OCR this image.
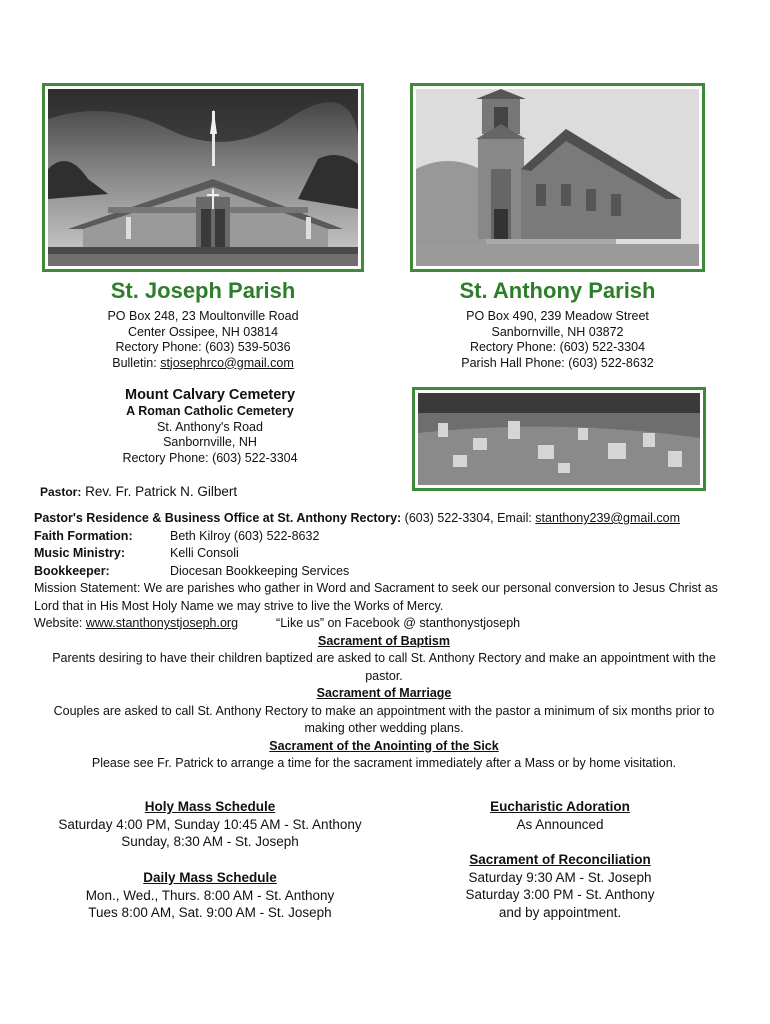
St. Joseph Parish	St. Anthony Parish
PO Box 248, 23 Moultonville Road
Center Ossipee, NH 03814
Rectory Phone: (603) 539-5036
Bulletin: stjosephrco@gmail.com
PO Box 490, 239 Meadow Street
Sanbornville, NH 03872
Rectory Phone: (603) 522-3304
Parish Hall Phone: (603) 522-8632
Mount Calvary Cemetery
A Roman Catholic Cemetery
St. Anthony's Road
Sanbornville, NH
Rectory Phone: (603) 522-3304
Pastor: Rev. Fr. Patrick N. Gilbert
Pastor's Residence & Business Office at St. Anthony Rectory: (603) 522-3304, Email: stanthony239@gmail.com
Faith Formation:	Beth Kilroy (603) 522-8632
Music Ministry:	Kelli Consoli
Bookkeeper:	Diocesan Bookkeeping Services
Mission Statement: We are parishes who gather in Word and Sacrament to seek our personal conversion to Jesus Christ as Lord that in His Most Holy Name we may strive to live the Works of Mercy.
Website: www.stanthonystjoseph.org	“Like us” on Facebook @ stanthonystjoseph
Sacrament of Baptism
Parents desiring to have their children baptized are asked to call St. Anthony Rectory and make an appointment with the pastor.
Sacrament of Marriage
Couples are asked to call St. Anthony Rectory to make an appointment with the pastor a minimum of six months prior to making other wedding plans.
Sacrament of the Anointing of the Sick
Please see Fr. Patrick to arrange a time for the sacrament immediately after a Mass or by home visitation.
Holy Mass Schedule
Saturday 4:00 PM, Sunday 10:45 AM - St. Anthony
Sunday, 8:30 AM - St. Joseph
Daily Mass Schedule
Mon., Wed., Thurs. 8:00 AM - St. Anthony
Tues 8:00 AM, Sat. 9:00 AM - St. Joseph
Eucharistic Adoration
As Announced
Sacrament of Reconciliation
Saturday 9:30 AM - St. Joseph
Saturday 3:00 PM - St. Anthony
and by appointment.
